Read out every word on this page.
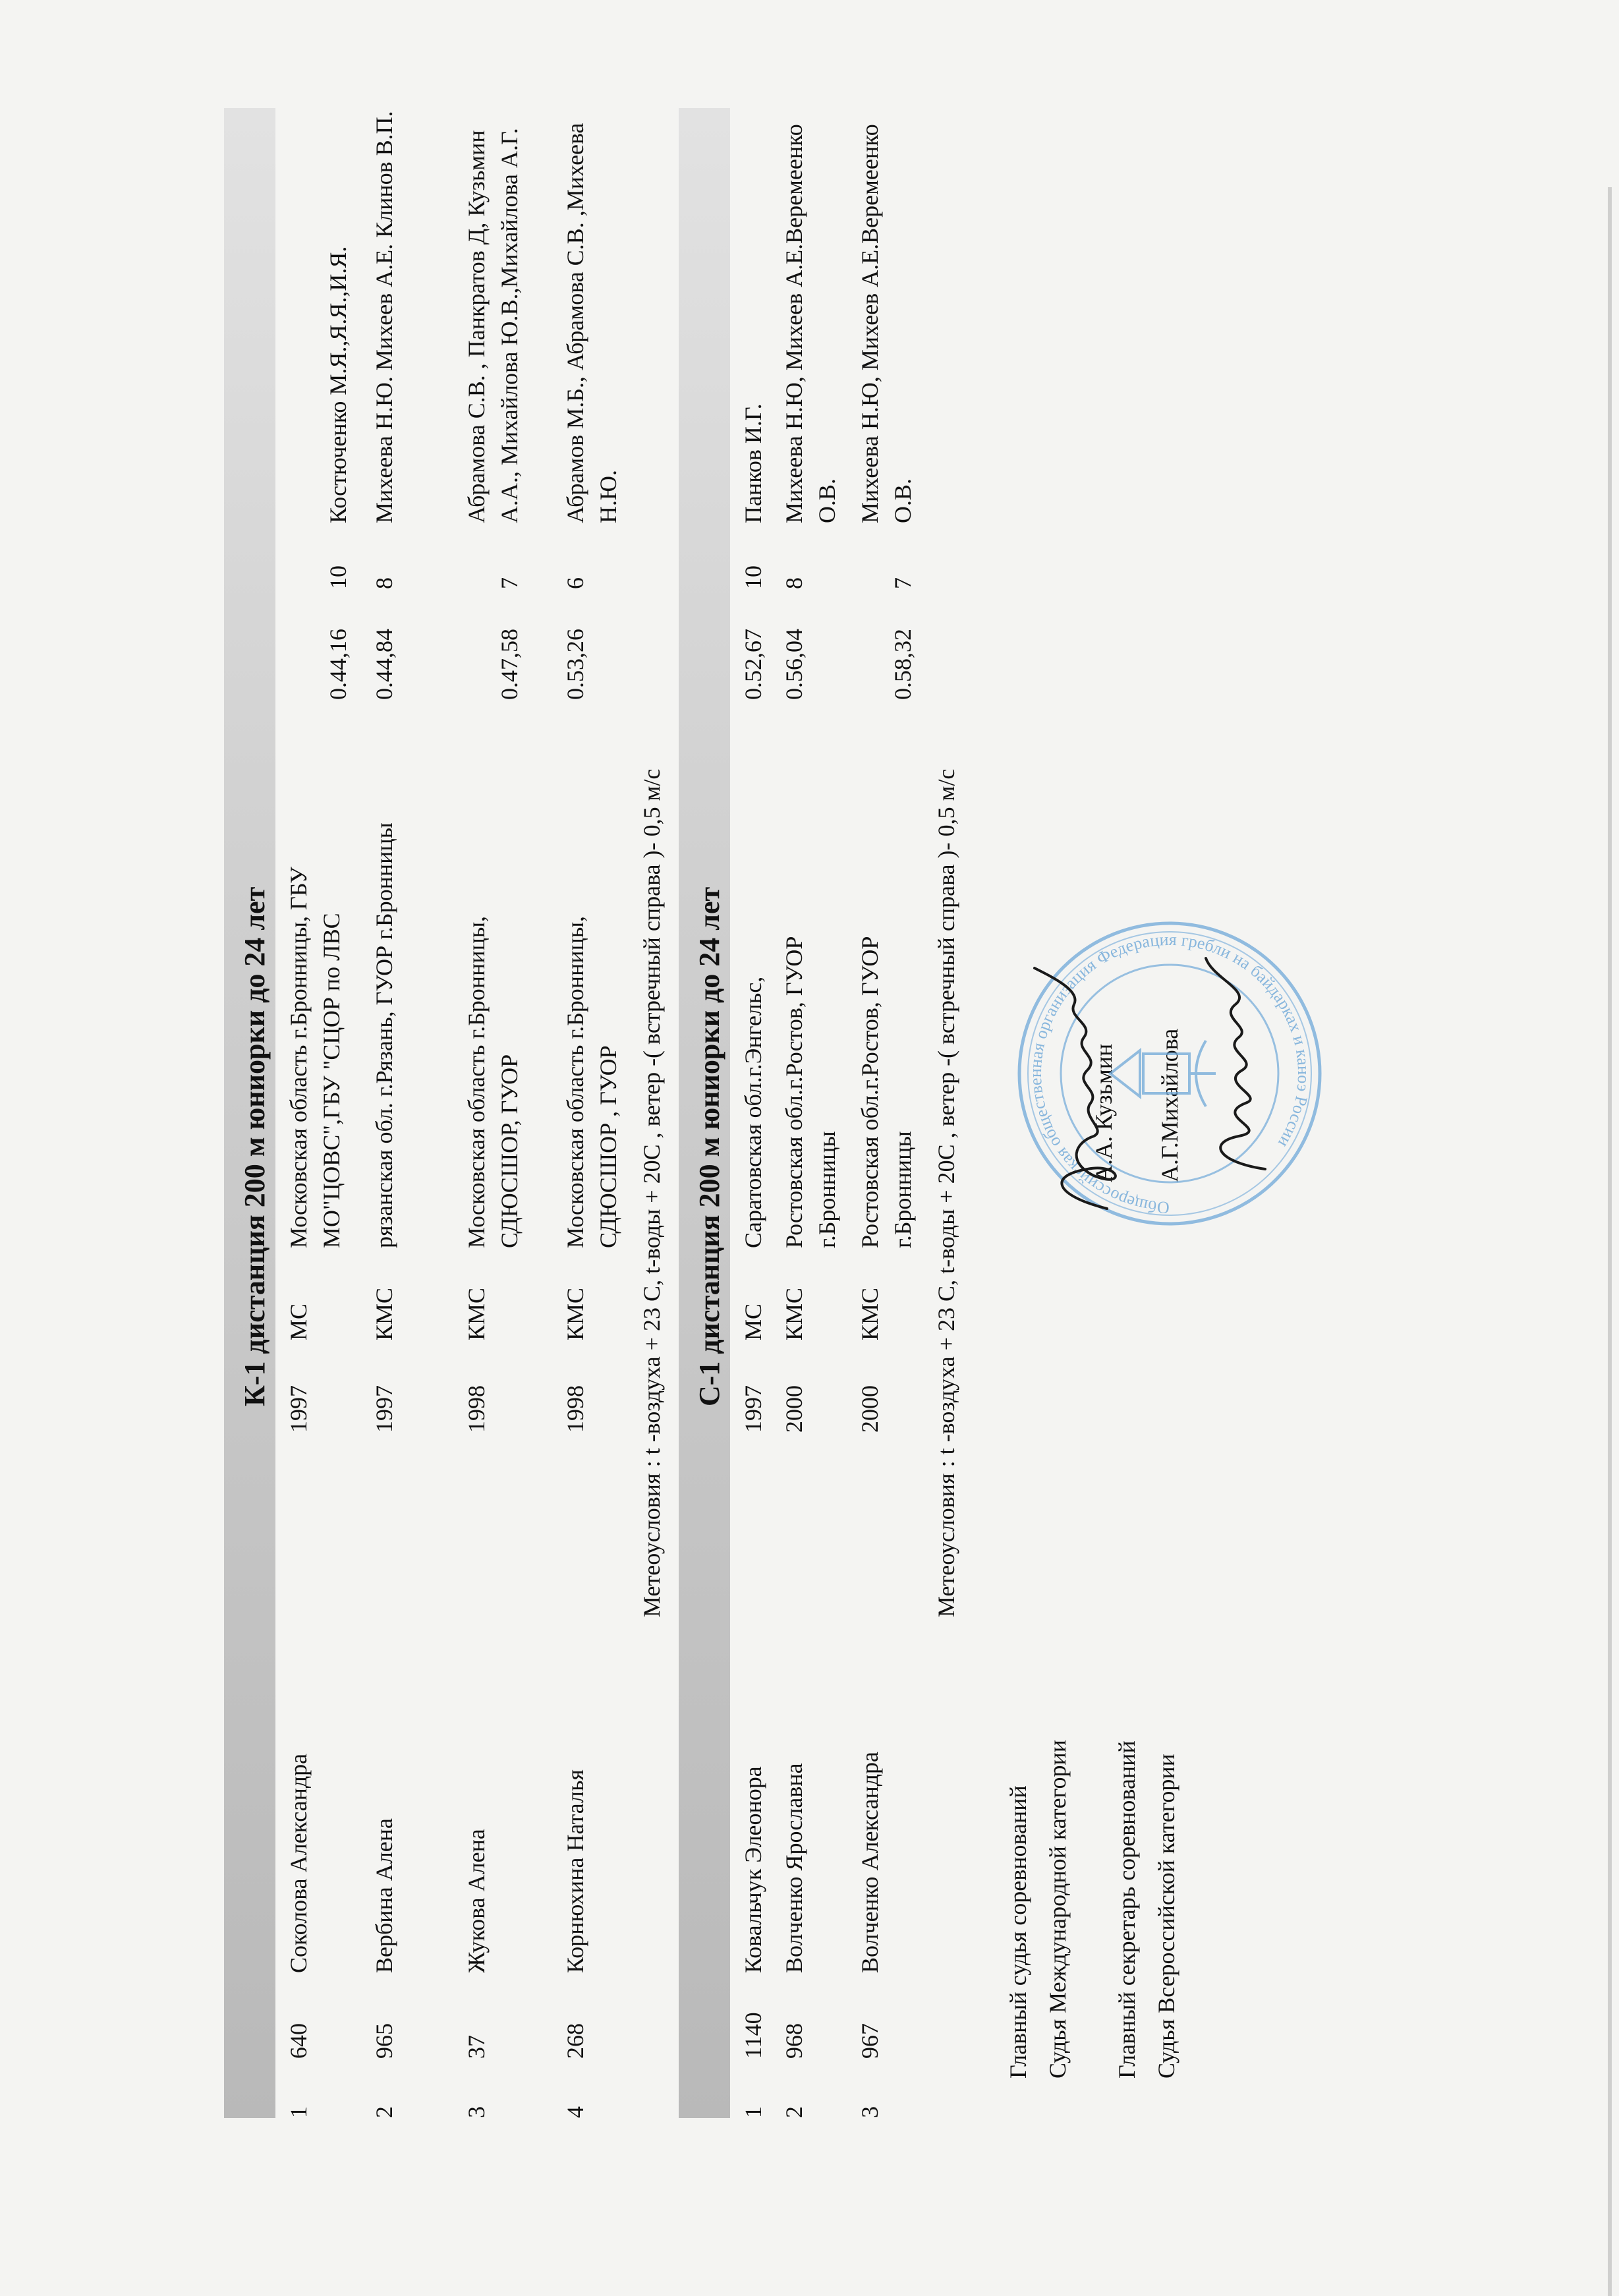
К-1 дистанция 200 м юниорки до 24 лет
1
640
Соколова Александра
1997
МС
Московская область г.Бронницы, ГБУ
МО"ЦОВС",ГБУ "СЦОР по ЛВС
0.44,16
10
Костюченко М.Я.,Я.Я.,И.Я.
2
965
Вербина Алена
1997
КМС
рязанская обл. г.Рязань, ГУОР г.Бронницы
0.44,84
8
Михеева Н.Ю. Михеев А.Е. Клинов В.П.
3
37
Жукова Алена
1998
КМС
Московская область г.Бронницы,
СДЮСШОР, ГУОР
0.47,58
7
Абрамова С.В. , Панкратов Д, Кузьмин
А.А., Михайлова Ю.В.,Михайлова А.Г.
4
268
Корнюхина Наталья
1998
КМС
Московская область г.Бронницы,
СДЮСШОР , ГУОР
0.53,26
6
Абрамов М.Б., Абрамова С.В. ,Михеева
Н.Ю.
Метеоусловия : t -воздуха + 23 С, t-воды + 20С , ветер -( встречный справа )- 0,5 м/с С-1 дистанция 200 м юниорки до 24 лет
1
1140
Ковальчук Элеонора
1997
МС
Саратовская обл.г.Энгельс,
0.52,67
10
Панков И.Г.
2
968
Волченко Ярославна
2000
КМС
Ростовская обл.г.Ростов, ГУОР
г.Бронницы
0.56,04
8
Михеева Н.Ю, Михеев А.Е.Веремеенко
О.В.
3
967
Волченко Александра
2000
КМС
Ростовская обл.г.Ростов, ГУОР
г.Бронницы
0.58,32
7
Михеева Н.Ю, Михеев А.Е.Веремеенко
О.В.
Метеоусловия : t -воздуха + 23 С, t-воды + 20С , ветер -( встречный справа )- 0,5 м/с
Главный судья соревнований Судья Международной категории
А.А. Кузьмин
Главный секретарь соревнований Судья Всероссийской категории
А.Г.Михайлова
Общероссийская общественная организация Федерация гребли на байдарках и каноэ России
